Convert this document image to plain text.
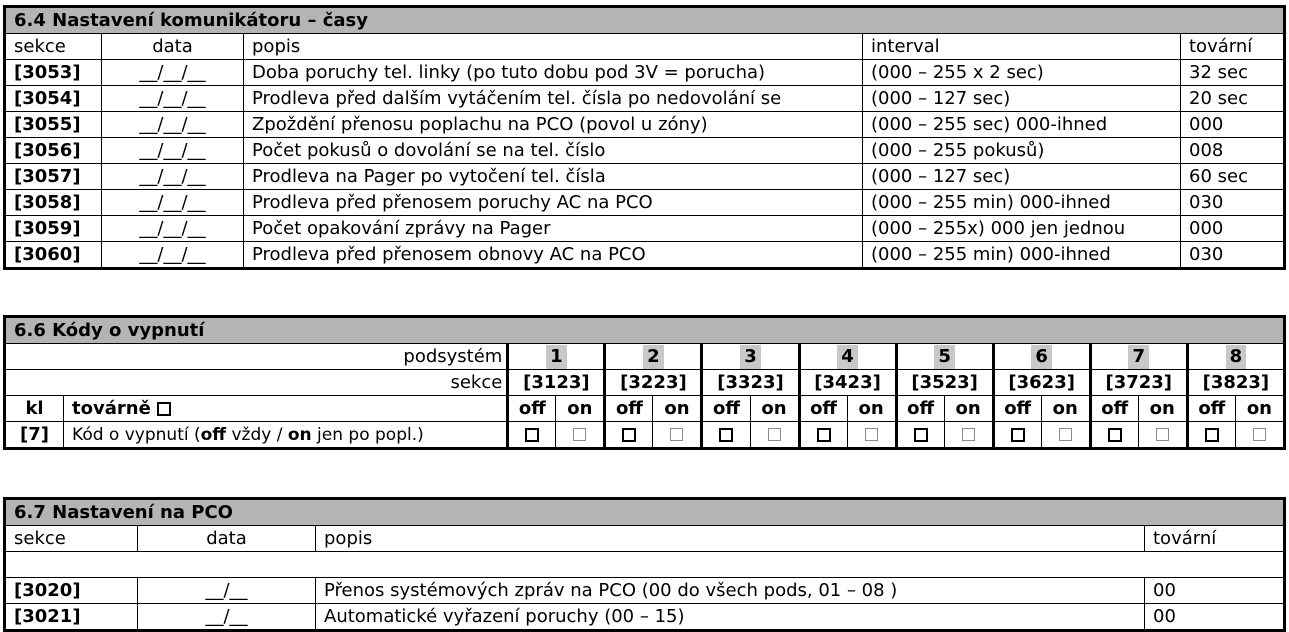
6.4 Nastavení komunikátoru – časy				
sekce	data	popis	interval	tovární
[3053]	__/__/__	Doba poruchy tel. linky (po tuto dobu pod 3V = porucha)	(000 – 255 x 2 sec)	32 sec
[3054]	__/__/__	Prodleva před dalším vytáčením tel. čísla po nedovolání se	(000 – 127 sec)	20 sec
[3055]	__/__/__	Zpoždění přenosu poplachu na PCO (povol u zóny)	(000 – 255 sec) 000-ihned	000
[3056]	__/__/__	Počet pokusů o dovolání se na tel. číslo	(000 – 255 pokusů)	008
[3057]	__/__/__	Prodleva na Pager po vytočení tel. čísla	(000 – 127 sec)	60 sec
[3058]	__/__/__	Prodleva před přenosem poruchy AC na PCO	(000 – 255 min) 000-ihned	030
[3059]	__/__/__	Počet opakování zprávy na Pager	(000 – 255x) 000 jen jednou	000
[3060]	__/__/__	Prodleva před přenosem obnovy AC na PCO	(000 – 255 min) 000-ihned	030
6.6 Kódy o vypnutí																	
podsystém		1		2		3		4		5		6		7		8	
sekce		[3123]		[3223]		[3323]		[3423]		[3523]		[3623]		[3723]		[3823]	
kl	továrně	off	on	off	on	off	on	off	on	off	on	off	on	off	on	off	on
[7]	Kód o vypnutí (off vždy / on jen po popl.)																
6.7 Nastavení na PCO			
sekce	data	popis	tovární

[3020]	__/__	Přenos systémových zpráv na PCO (00 do všech pods, 01 – 08 )	00
[3021]	__/__	Automatické vyřazení poruchy (00 – 15)	00
